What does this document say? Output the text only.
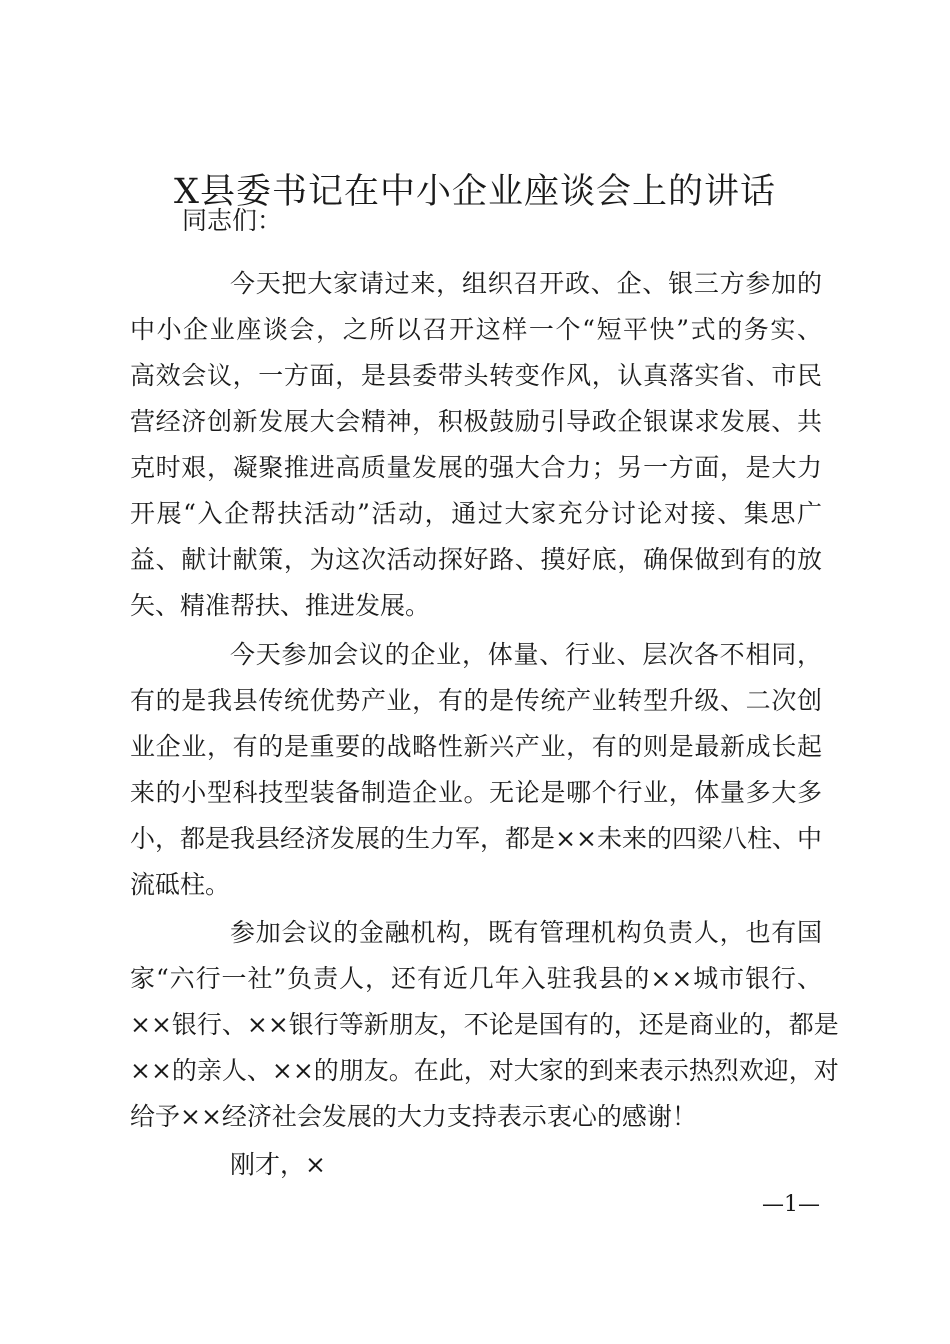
X县委书记在中小企业座谈会上的讲话

同志们：

今天把大家请过来，组织召开政、企、银三方参加的
中小企业座谈会，之所以召开这样一个“短平快”式的务实、
高效会议，一方面，是县委带头转变作风，认真落实省、市民
营经济创新发展大会精神，积极鼓励引导政企银谋求发展、共
克时艰，凝聚推进高质量发展的强大合力；另一方面，是大力
开展“入企帮扶活动”活动，通过大家充分讨论对接、集思广
益、献计献策，为这次活动探好路、摸好底，确保做到有的放
矢、精准帮扶、推进发展。
今天参加会议的企业，体量、行业、层次各不相同，
有的是我县传统优势产业，有的是传统产业转型升级、二次创
业企业，有的是重要的战略性新兴产业，有的则是最新成长起
来的小型科技型装备制造企业。无论是哪个行业，体量多大多
小，都是我县经济发展的生力军，都是××未来的四梁八柱、中
流砥柱。
参加会议的金融机构，既有管理机构负责人，也有国
家“六行一社”负责人，还有近几年入驻我县的××城市银行、
××银行、××银行等新朋友，不论是国有的，还是商业的，都是
××的亲人、××的朋友。在此，对大家的到来表示热烈欢迎，对
给予××经济社会发展的大力支持表示衷心的感谢！
刚才，×
—1—
